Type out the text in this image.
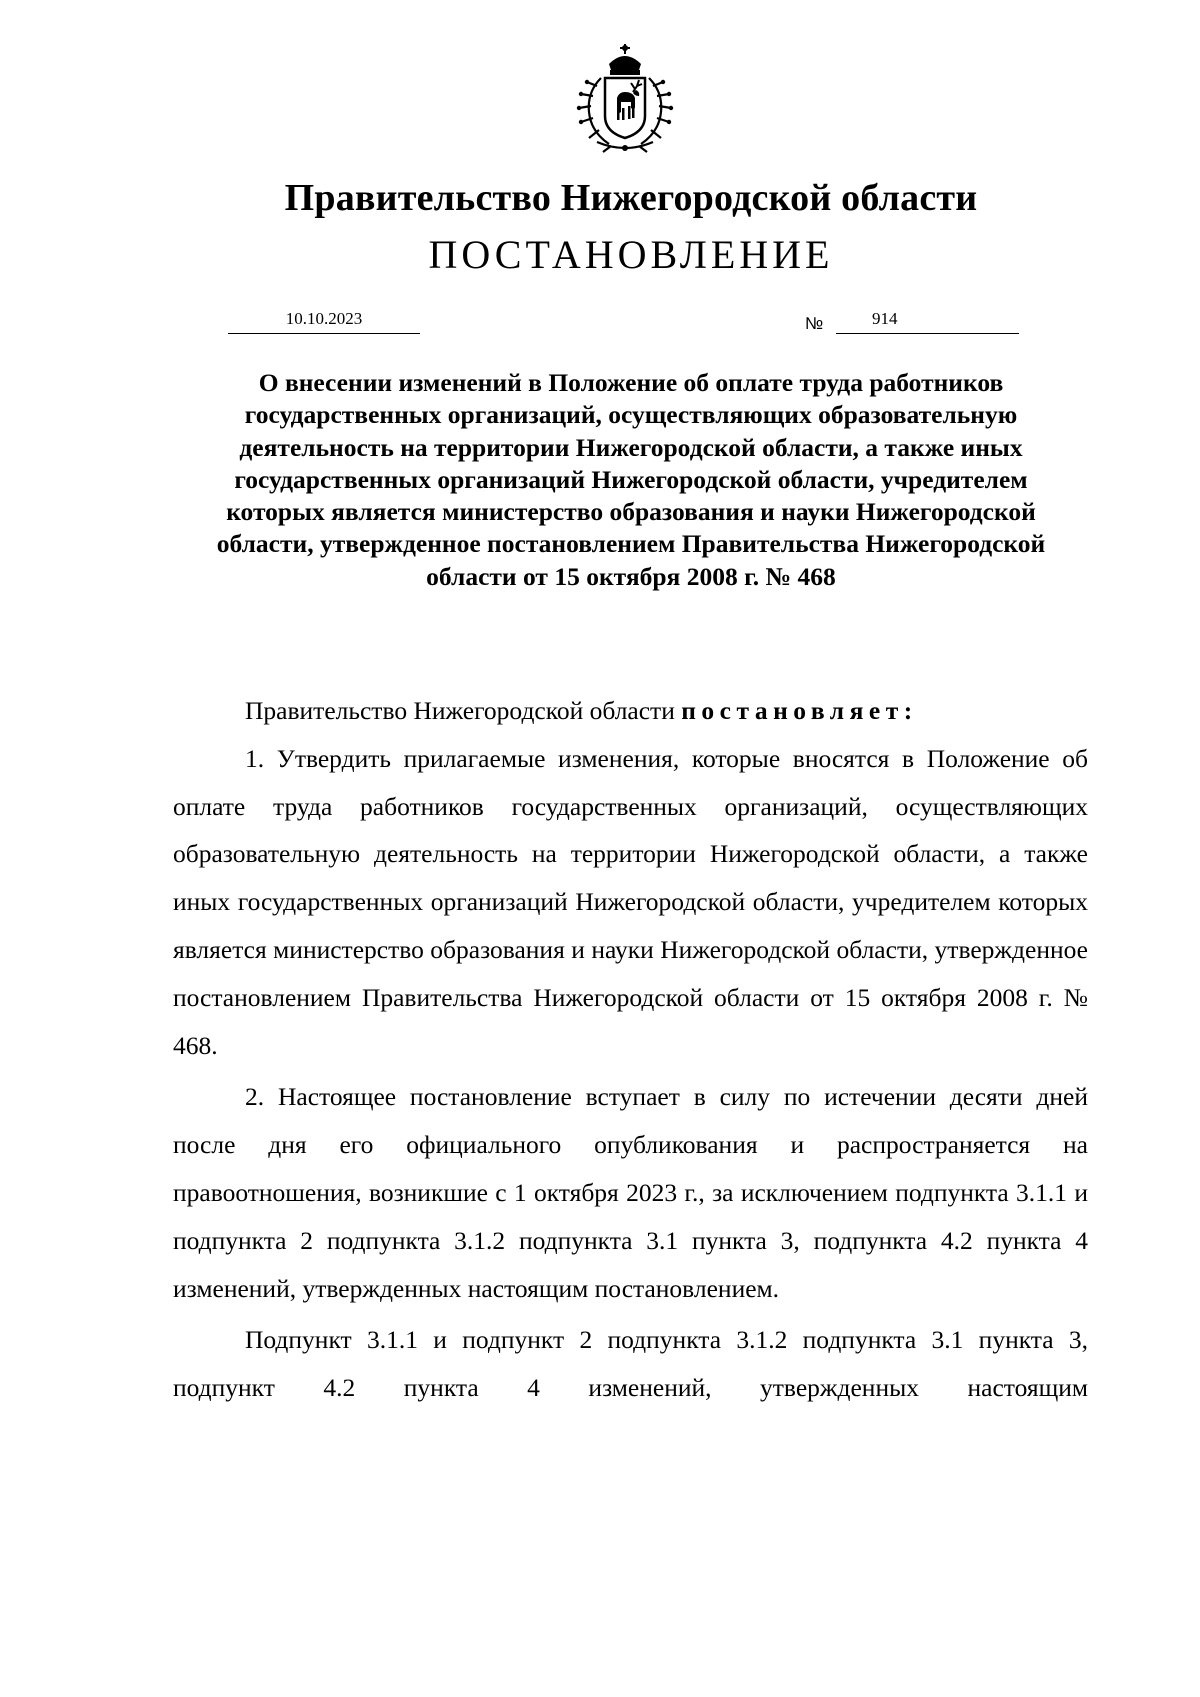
Правительство Нижегородской области
ПОСТАНОВЛЕНИЕ
10.10.2023	№	914
О внесении изменений в Положение об оплате труда работников государственных организаций, осуществляющих образовательную деятельность на территории Нижегородской области, а также иных государственных организаций Нижегородской области, учредителем которых является министерство образования и науки Нижегородской области, утвержденное постановлением Правительства Нижегородской области от 15 октября 2008 г. № 468

Правительство Нижегородской области постановляет:

1. Утвердить прилагаемые изменения, которые вносятся в Положение об оплате труда работников государственных организаций, осуществляющих образовательную деятельность на территории Нижегородской области, а также иных государственных организаций Нижегородской области, учредителем которых является министерство образования и науки Нижегородской области, утвержденное постановлением Правительства Нижегородской области от 15 октября 2008 г. № 468.

2. Настоящее постановление вступает в силу по истечении десяти дней после дня его официального опубликования и распространяется на правоотношения, возникшие с 1 октября 2023 г., за исключением подпункта 3.1.1 и подпункта 2 подпункта 3.1.2 подпункта 3.1 пункта 3, подпункта 4.2 пункта 4 изменений, утвержденных настоящим постановлением.

Подпункт 3.1.1 и подпункт 2 подпункта 3.1.2 подпункта 3.1 пункта 3, подпункт 4.2 пункта 4 изменений, утвержденных настоящим
